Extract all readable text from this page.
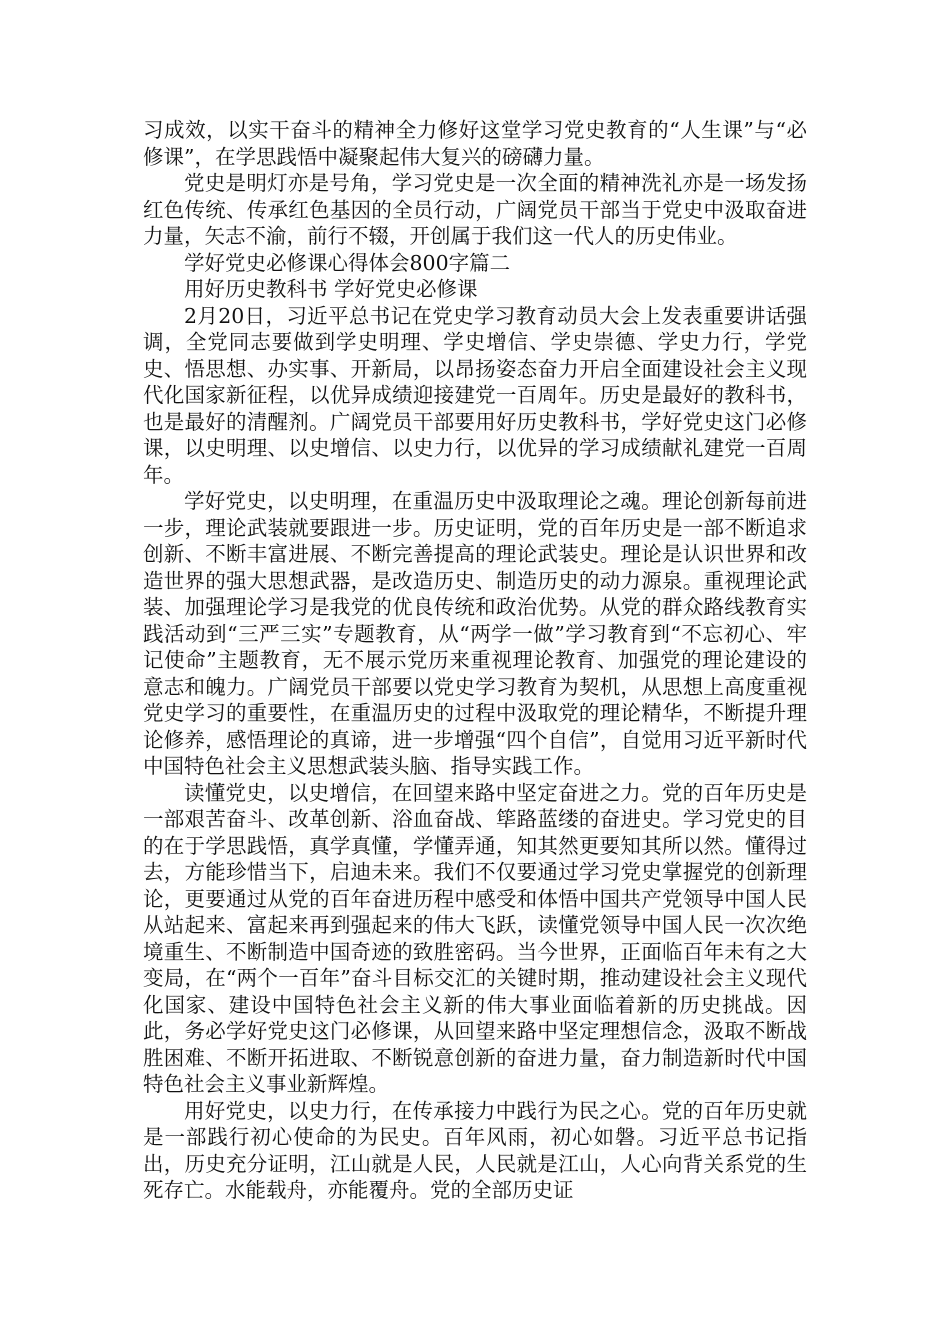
习成效，以实干奋斗的精神全力修好这堂学习党史教育的“人生课”与“必修课”，在学思践悟中凝聚起伟大复兴的磅礴力量。

党史是明灯亦是号角，学习党史是一次全面的精神洗礼亦是一场发扬红色传统、传承红色基因的全员行动，广阔党员干部当于党史中汲取奋进力量，矢志不渝，前行不辍，开创属于我们这一代人的历史伟业。

学好党史必修课心得体会800字篇二

用好历史教科书 学好党史必修课

2月20日，习近平总书记在党史学习教育动员大会上发表重要讲话强调，全党同志要做到学史明理、学史增信、学史崇德、学史力行，学党史、悟思想、办实事、开新局，以昂扬姿态奋力开启全面建设社会主义现代化国家新征程，以优异成绩迎接建党一百周年。历史是最好的教科书，也是最好的清醒剂。广阔党员干部要用好历史教科书，学好党史这门必修课，以史明理、以史增信、以史力行，以优异的学习成绩献礼建党一百周年。

学好党史，以史明理，在重温历史中汲取理论之魂。理论创新每前进一步，理论武装就要跟进一步。历史证明，党的百年历史是一部不断追求创新、不断丰富进展、不断完善提高的理论武装史。理论是认识世界和改造世界的强大思想武器，是改造历史、制造历史的动力源泉。重视理论武装、加强理论学习是我党的优良传统和政治优势。从党的群众路线教育实践活动到“三严三实”专题教育，从“两学一做”学习教育到“不忘初心、牢记使命”主题教育，无不展示党历来重视理论教育、加强党的理论建设的意志和魄力。广阔党员干部要以党史学习教育为契机，从思想上高度重视党史学习的重要性，在重温历史的过程中汲取党的理论精华，不断提升理论修养，感悟理论的真谛，进一步增强“四个自信”，自觉用习近平新时代中国特色社会主义思想武装头脑、指导实践工作。

读懂党史，以史增信，在回望来路中坚定奋进之力。党的百年历史是一部艰苦奋斗、改革创新、浴血奋战、筚路蓝缕的奋进史。学习党史的目的在于学思践悟，真学真懂，学懂弄通，知其然更要知其所以然。懂得过去，方能珍惜当下，启迪未来。我们不仅要通过学习党史掌握党的创新理论，更要通过从党的百年奋进历程中感受和体悟中国共产党领导中国人民从站起来、富起来再到强起来的伟大飞跃，读懂党领导中国人民一次次绝境重生、不断制造中国奇迹的致胜密码。当今世界，正面临百年未有之大变局，在“两个一百年”奋斗目标交汇的关键时期，推动建设社会主义现代化国家、建设中国特色社会主义新的伟大事业面临着新的历史挑战。因此，务必学好党史这门必修课，从回望来路中坚定理想信念，汲取不断战胜困难、不断开拓进取、不断锐意创新的奋进力量，奋力制造新时代中国特色社会主义事业新辉煌。

用好党史，以史力行，在传承接力中践行为民之心。党的百年历史就是一部践行初心使命的为民史。百年风雨，初心如磐。习近平总书记指出，历史充分证明，江山就是人民，人民就是江山，人心向背关系党的生死存亡。水能载舟，亦能覆舟。党的全部历史证
